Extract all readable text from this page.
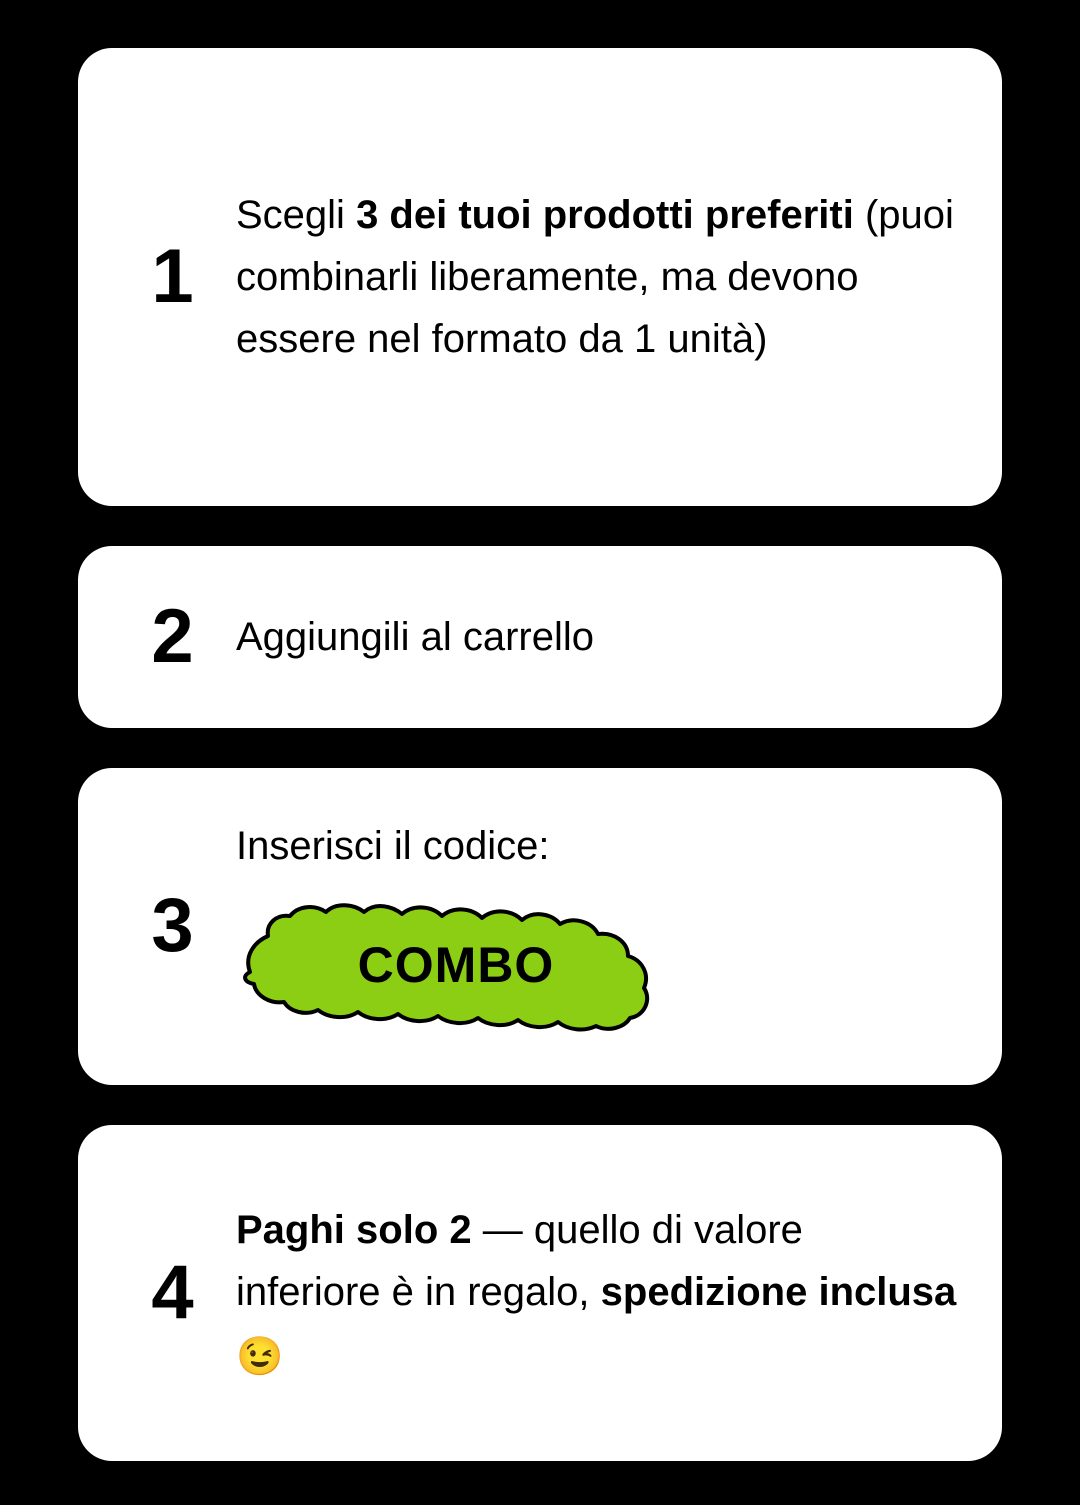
1
Scegli 3 dei tuoi prodotti preferiti (puoi combinarli liberamente, ma devono essere nel formato da 1 unità)
2	Aggiungili al carrello
3
Inserisci il codice:
COMBO
4
Paghi solo 2 — quello di valore inferiore è in regalo, spedizione inclusa 😉
